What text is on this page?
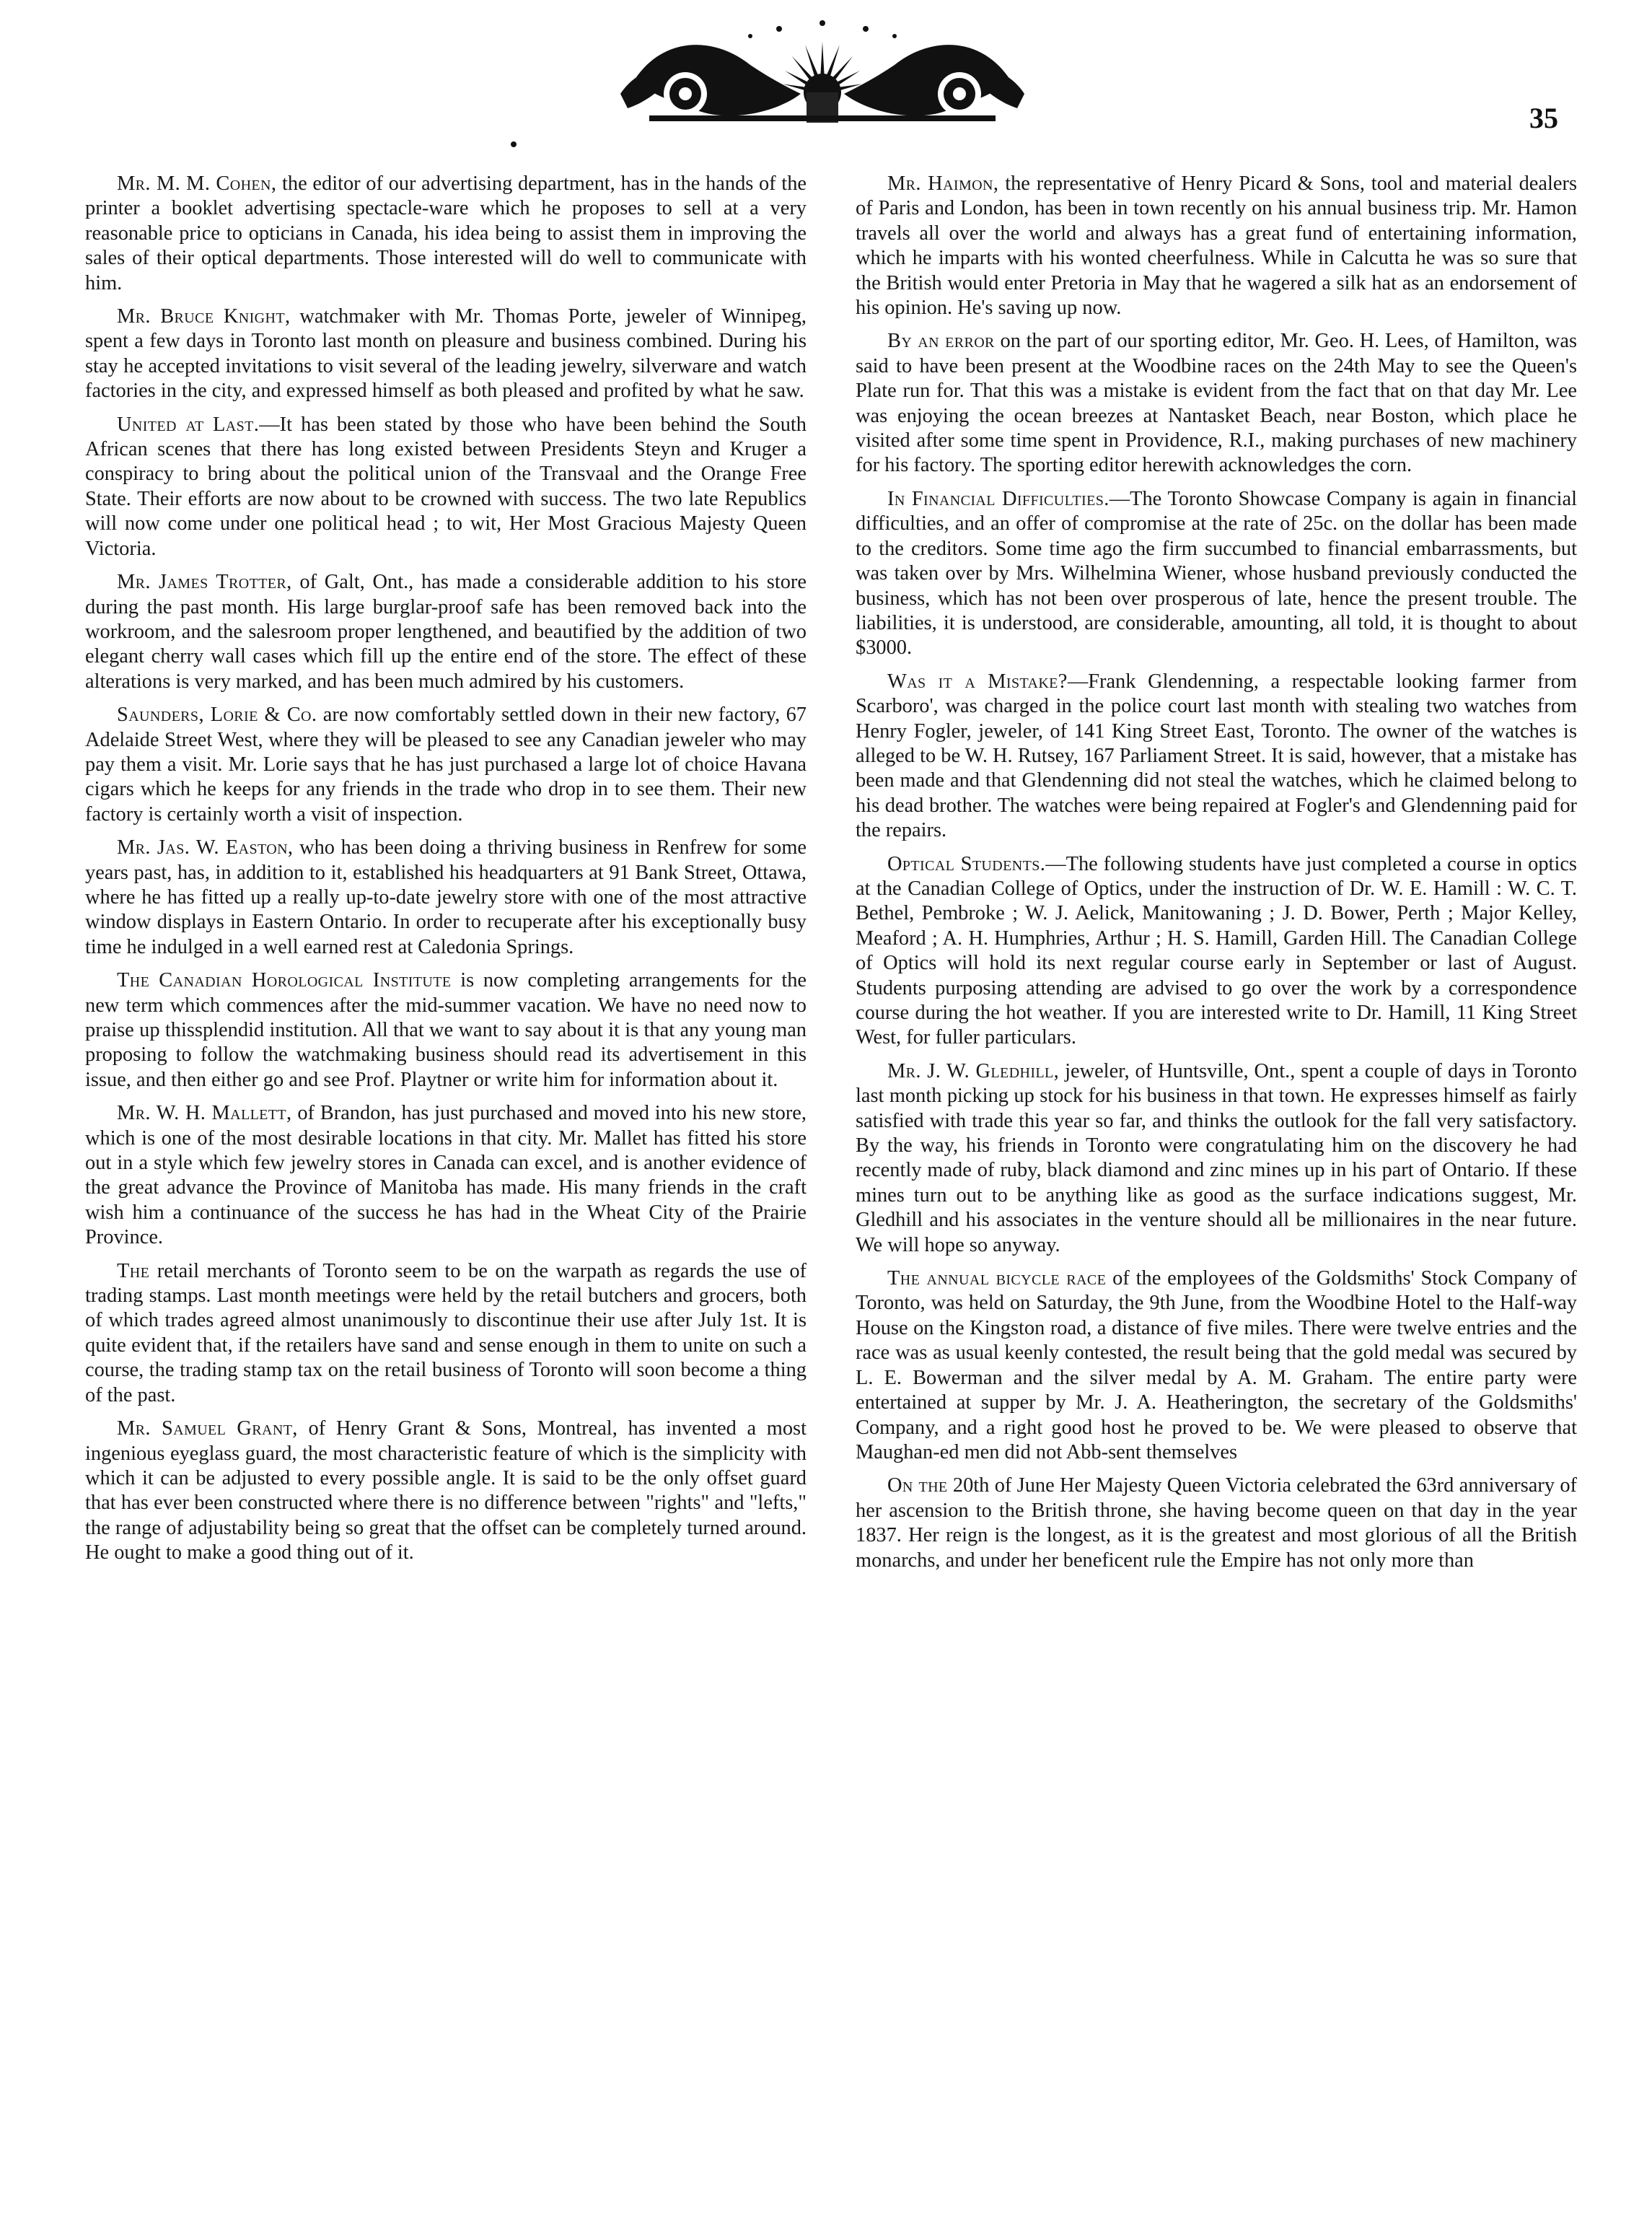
35

Mr. M. M. Cohen, the editor of our advertising department, has in the hands of the printer a booklet advertising spectacle-ware which he proposes to sell at a very reasonable price to opticians in Canada, his idea being to assist them in improving the sales of their optical departments. Those interested will do well to communicate with him.

Mr. Bruce Knight, watchmaker with Mr. Thomas Porte, jeweler of Winnipeg, spent a few days in Toronto last month on pleasure and business combined. During his stay he accepted invitations to visit several of the leading jewelry, silverware and watch factories in the city, and expressed himself as both pleased and profited by what he saw.

United at Last.—It has been stated by those who have been behind the South African scenes that there has long existed between Presidents Steyn and Kruger a conspiracy to bring about the political union of the Transvaal and the Orange Free State. Their efforts are now about to be crowned with success. The two late Republics will now come under one political head ; to wit, Her Most Gracious Majesty Queen Victoria.

Mr. James Trotter, of Galt, Ont., has made a considerable addition to his store during the past month. His large burglar-proof safe has been removed back into the workroom, and the salesroom proper lengthened, and beautified by the addition of two elegant cherry wall cases which fill up the entire end of the store. The effect of these alterations is very marked, and has been much admired by his customers.

Saunders, Lorie & Co. are now comfortably settled down in their new factory, 67 Adelaide Street West, where they will be pleased to see any Canadian jeweler who may pay them a visit. Mr. Lorie says that he has just purchased a large lot of choice Havana cigars which he keeps for any friends in the trade who drop in to see them. Their new factory is certainly worth a visit of inspection.

Mr. Jas. W. Easton, who has been doing a thriving business in Renfrew for some years past, has, in addition to it, established his headquarters at 91 Bank Street, Ottawa, where he has fitted up a really up-to-date jewelry store with one of the most attractive window displays in Eastern Ontario. In order to recuperate after his exceptionally busy time he indulged in a well earned rest at Caledonia Springs.

The Canadian Horological Institute is now completing arrangements for the new term which commences after the mid-summer vacation. We have no need now to praise up thissplendid institution. All that we want to say about it is that any young man proposing to follow the watchmaking business should read its advertisement in this issue, and then either go and see Prof. Playtner or write him for information about it.

Mr. W. H. Mallett, of Brandon, has just purchased and moved into his new store, which is one of the most desirable locations in that city. Mr. Mallet has fitted his store out in a style which few jewelry stores in Canada can excel, and is another evidence of the great advance the Province of Manitoba has made. His many friends in the craft wish him a continuance of the success he has had in the Wheat City of the Prairie Province.

The retail merchants of Toronto seem to be on the warpath as regards the use of trading stamps. Last month meetings were held by the retail butchers and grocers, both of which trades agreed almost unanimously to discontinue their use after July 1st. It is quite evident that, if the retailers have sand and sense enough in them to unite on such a course, the trading stamp tax on the retail business of Toronto will soon become a thing of the past.

Mr. Samuel Grant, of Henry Grant & Sons, Montreal, has invented a most ingenious eyeglass guard, the most characteristic feature of which is the simplicity with which it can be adjusted to every possible angle. It is said to be the only offset guard that has ever been constructed where there is no difference between "rights" and "lefts," the range of adjustability being so great that the offset can be completely turned around. He ought to make a good thing out of it.

Mr. Haimon, the representative of Henry Picard & Sons, tool and material dealers of Paris and London, has been in town recently on his annual business trip. Mr. Hamon travels all over the world and always has a great fund of entertaining information, which he imparts with his wonted cheerfulness. While in Calcutta he was so sure that the British would enter Pretoria in May that he wagered a silk hat as an endorsement of his opinion. He's saving up now.

By an error on the part of our sporting editor, Mr. Geo. H. Lees, of Hamilton, was said to have been present at the Woodbine races on the 24th May to see the Queen's Plate run for. That this was a mistake is evident from the fact that on that day Mr. Lee was enjoying the ocean breezes at Nantasket Beach, near Boston, which place he visited after some time spent in Providence, R.I., making purchases of new machinery for his factory. The sporting editor herewith acknowledges the corn.

In Financial Difficulties.—The Toronto Showcase Company is again in financial difficulties, and an offer of compromise at the rate of 25c. on the dollar has been made to the creditors. Some time ago the firm succumbed to financial embarrassments, but was taken over by Mrs. Wilhelmina Wiener, whose husband previously conducted the business, which has not been over prosperous of late, hence the present trouble. The liabilities, it is understood, are considerable, amounting, all told, it is thought to about $3000.

Was it a Mistake?—Frank Glendenning, a respectable looking farmer from Scarboro', was charged in the police court last month with stealing two watches from Henry Fogler, jeweler, of 141 King Street East, Toronto. The owner of the watches is alleged to be W. H. Rutsey, 167 Parliament Street. It is said, however, that a mistake has been made and that Glendenning did not steal the watches, which he claimed belong to his dead brother. The watches were being repaired at Fogler's and Glendenning paid for the repairs.

Optical Students.—The following students have just completed a course in optics at the Canadian College of Optics, under the instruction of Dr. W. E. Hamill : W. C. T. Bethel, Pembroke ; W. J. Aelick, Manitowaning ; J. D. Bower, Perth ; Major Kelley, Meaford ; A. H. Humphries, Arthur ; H. S. Hamill, Garden Hill. The Canadian College of Optics will hold its next regular course early in September or last of August. Students purposing attending are advised to go over the work by a correspondence course during the hot weather. If you are interested write to Dr. Hamill, 11 King Street West, for fuller particulars.

Mr. J. W. Gledhill, jeweler, of Huntsville, Ont., spent a couple of days in Toronto last month picking up stock for his business in that town. He expresses himself as fairly satisfied with trade this year so far, and thinks the outlook for the fall very satisfactory. By the way, his friends in Toronto were congratulating him on the discovery he had recently made of ruby, black diamond and zinc mines up in his part of Ontario. If these mines turn out to be anything like as good as the surface indications suggest, Mr. Gledhill and his associates in the venture should all be millionaires in the near future. We will hope so anyway.

The annual bicycle race of the employees of the Goldsmiths' Stock Company of Toronto, was held on Saturday, the 9th June, from the Woodbine Hotel to the Half-way House on the Kingston road, a distance of five miles. There were twelve entries and the race was as usual keenly contested, the result being that the gold medal was secured by L. E. Bowerman and the silver medal by A. M. Graham. The entire party were entertained at supper by Mr. J. A. Heatherington, the secretary of the Goldsmiths' Company, and a right good host he proved to be. We were pleased to observe that Maughan-ed men did not Abb-sent themselves

On the 20th of June Her Majesty Queen Victoria celebrated the 63rd anniversary of her ascension to the British throne, she having become queen on that day in the year 1837. Her reign is the longest, as it is the greatest and most glorious of all the British monarchs, and under her beneficent rule the Empire has not only more than
